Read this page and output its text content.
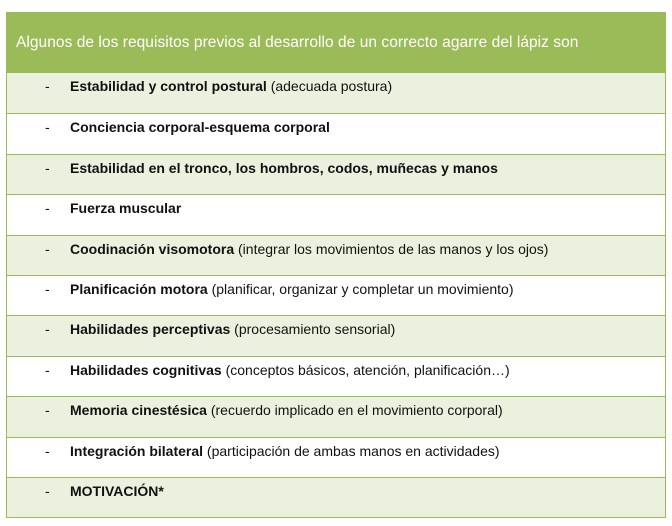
Algunos de los requisitos previos al desarrollo de un correcto agarre del lápiz son
- Estabilidad y control postural (adecuada postura)
- Conciencia corporal-esquema corporal
- Estabilidad en el tronco, los hombros, codos, muñecas y manos
- Fuerza muscular
- Coodinación visomotora (integrar los movimientos de las manos y los ojos)
- Planificación motora (planificar, organizar y completar un movimiento)
- Habilidades perceptivas (procesamiento sensorial)
- Habilidades cognitivas (conceptos básicos, atención, planificación…)
- Memoria cinestésica (recuerdo implicado en el movimiento corporal)
- Integración bilateral (participación de ambas manos en actividades)
- MOTIVACIÓN*
